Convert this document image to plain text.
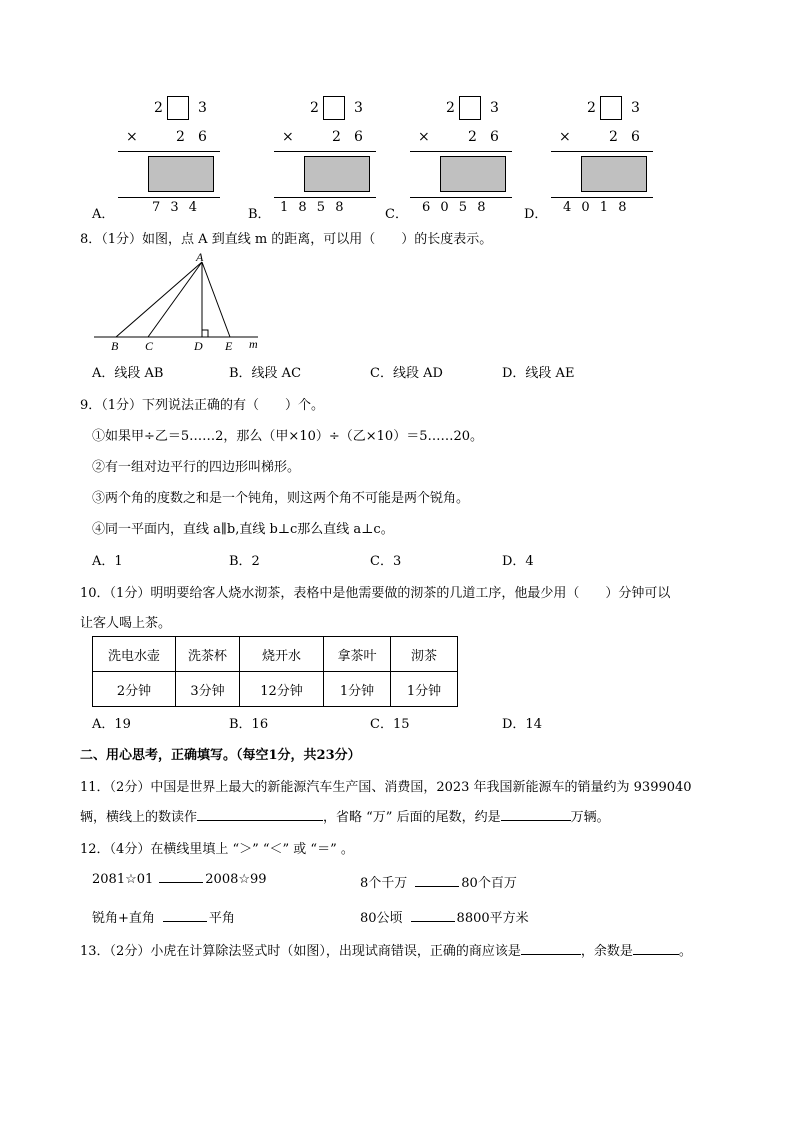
2	3
×	2 6
A．	7 3 4
2	3
×	2 6
B． 1 8 5 8
2	3
×	2 6
C． 6 0 5 8
2	3
×	2 6
D． 4 0 1 8
8．（1分）如图，点 A 到直线 m 的距离，可以用（　　）的长度表示。
A
B C	D E m
A．线段 AB	B．线段 AC	C．线段 AD	D．线段 AE
9．（1分）下列说法正确的有（　　）个。
①如果甲÷乙＝5……2，那么（甲×10）÷（乙×10）＝5……20。
②有一组对边平行的四边形叫梯形。
③两个角的度数之和是一个钝角，则这两个角不可能是两个锐角。
④同一平面内，直线 a∥b,直线 b⊥c那么直线 a⊥c。
A．1	B．2	C．3	D．4
10．（1分）明明要给客人烧水沏茶，表格中是他需要做的沏茶的几道工序，他最少用（　　）分钟可以
让客人喝上茶。
洗电水壶	洗茶杯	烧开水	拿茶叶	沏茶
2分钟	3分钟	12分钟	1分钟	1分钟
A．19	B．16	C．15	D．14
二、用心思考，正确填写。（每空1分，共23分）
11．（2分）中国是世界上最大的新能源汽车生产国、消费国，2023 年我国新能源车的销量约为 9399040
辆，横线上的数读作	，省略 “万” 后面的尾数，约是	万辆。
12．（4分）在横线里填上 “＞” “＜” 或 “＝” 。
2081☆01	2008☆99	8个千万	80个百万
锐角+直角	平角	80公顷	8800平方米
13．（2分）小虎在计算除法竖式时（如图），出现试商错误，正确的商应该是	，余数是	。
